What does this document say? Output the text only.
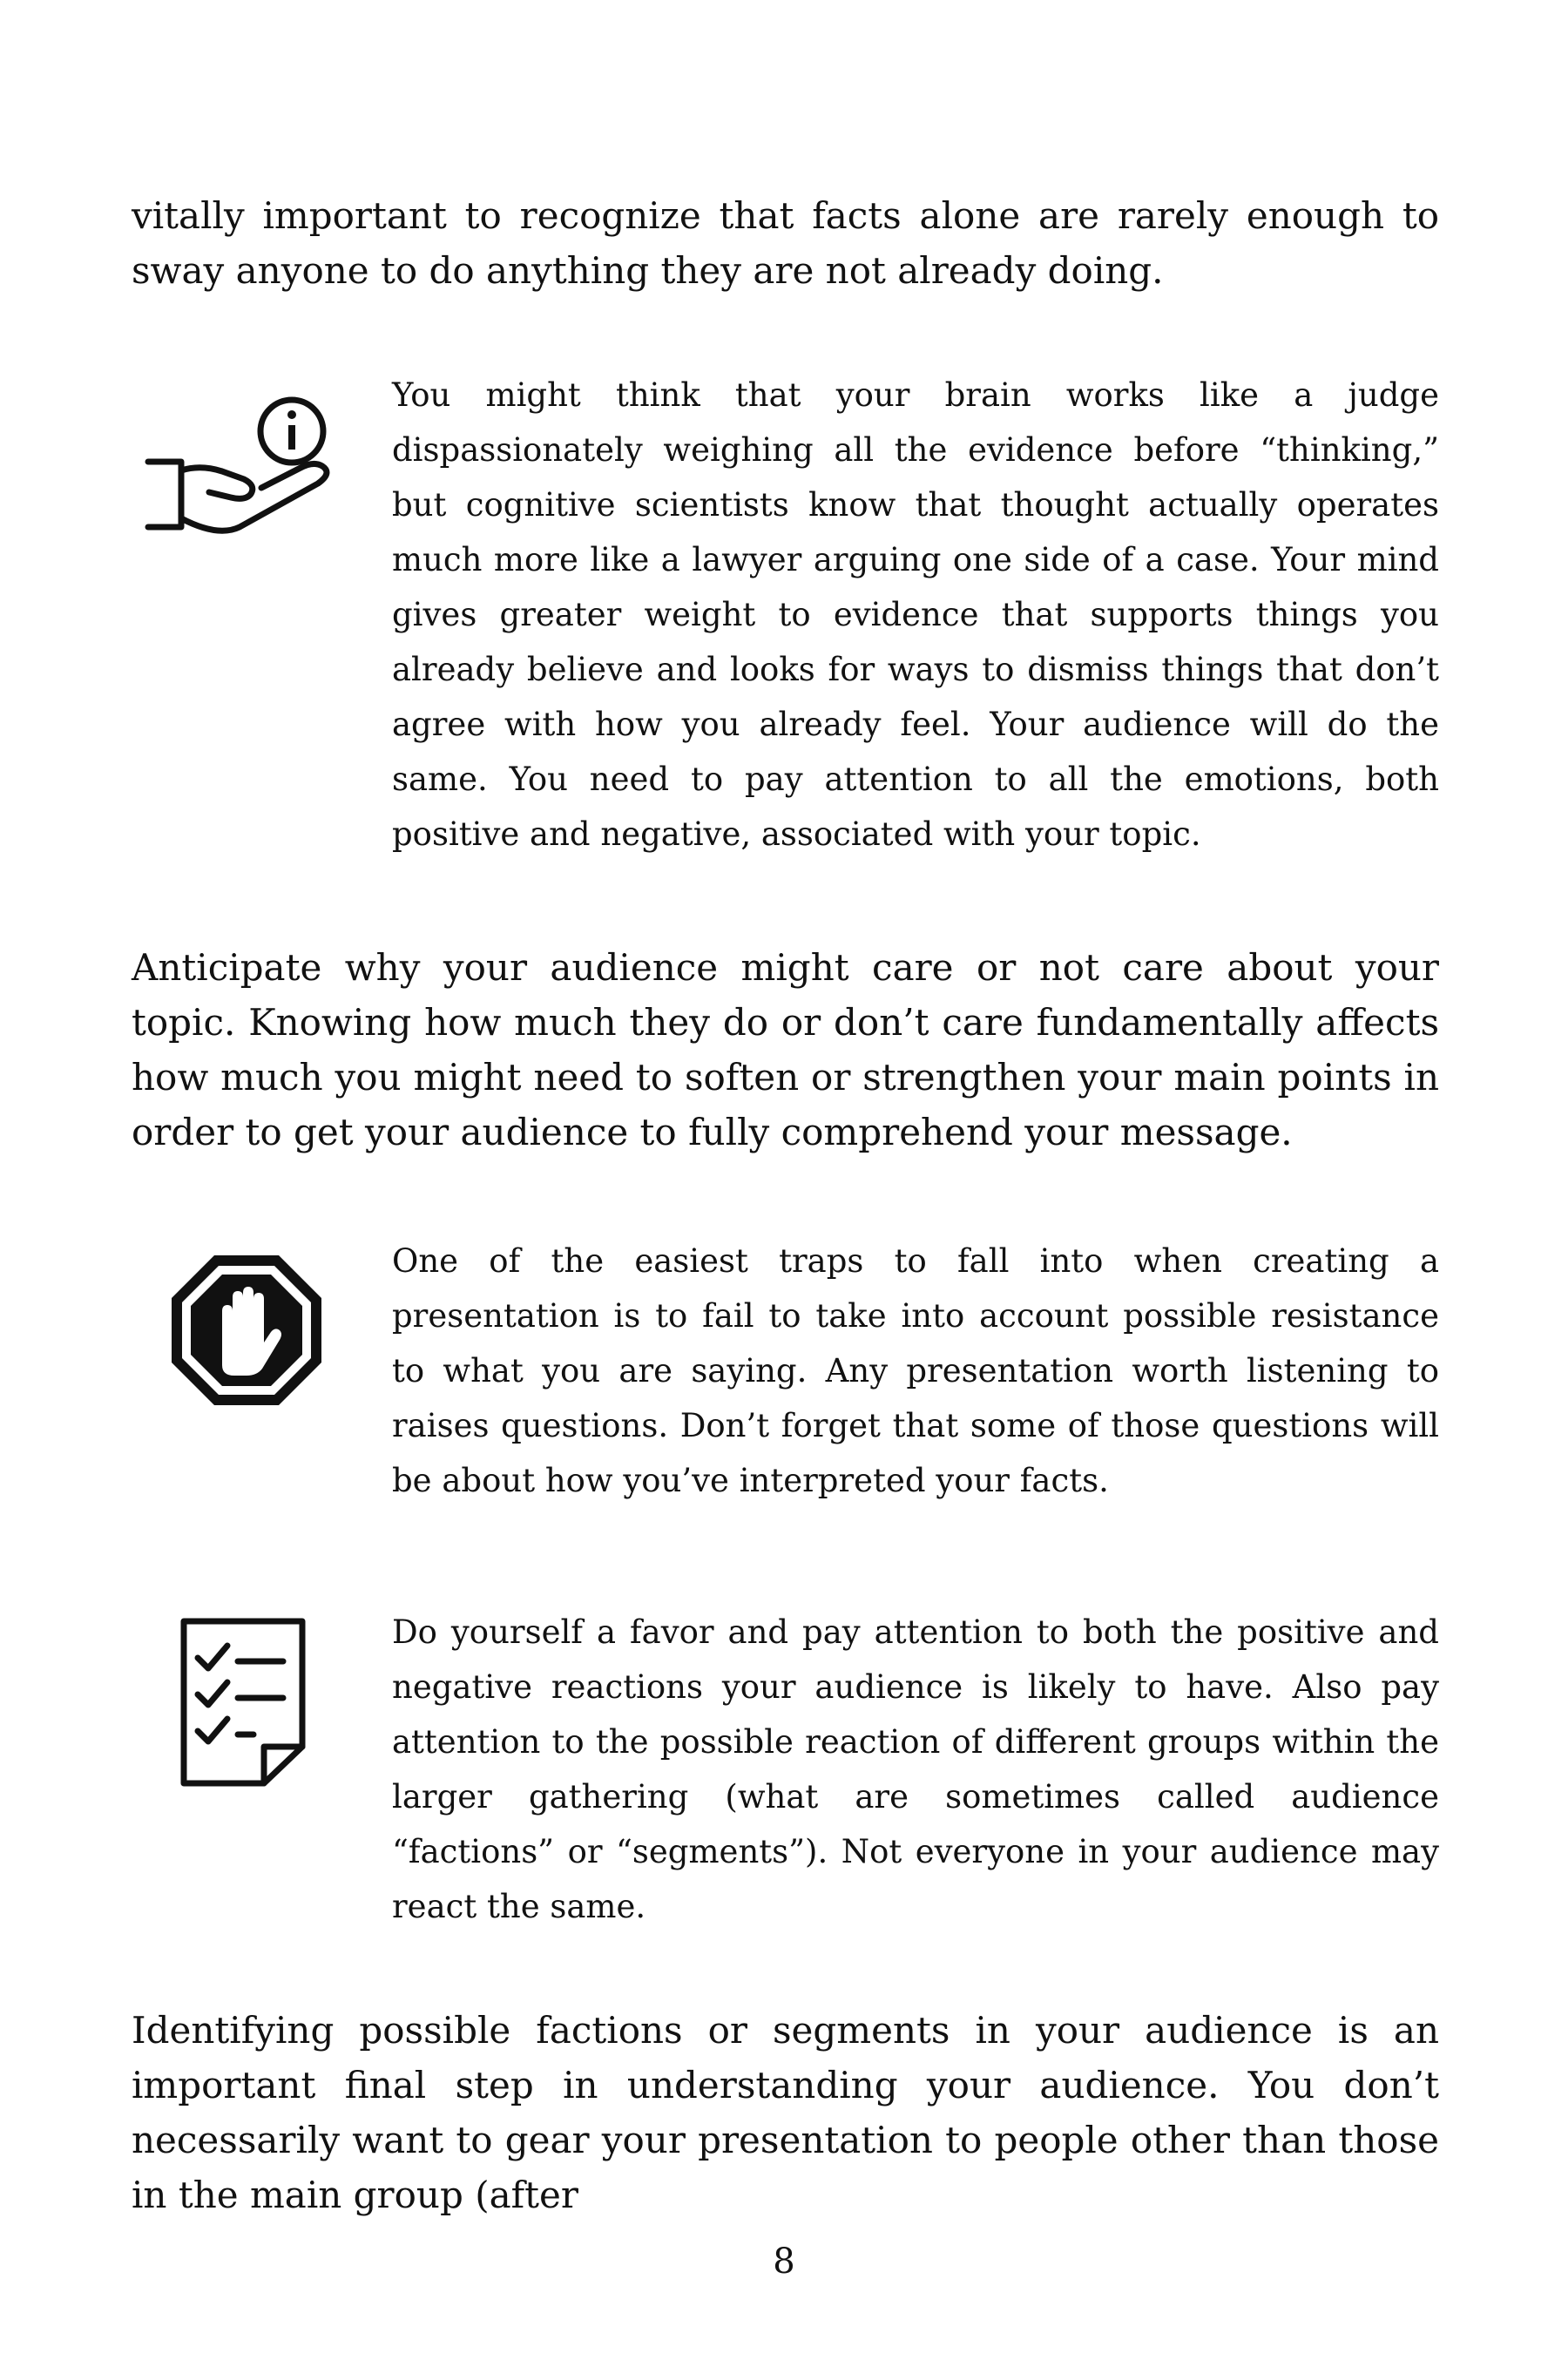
vitally important to recognize that facts alone are rarely enough to sway anyone to do anything they are not already doing.

You might think that your brain works like a judge dispassionately weighing all the evidence before “thinking,” but cognitive scientists know that thought actually operates much more like a lawyer arguing one side of a case. Your mind gives greater weight to evidence that supports things you already believe and looks for ways to dismiss things that don’t agree with how you already feel. Your audience will do the same. You need to pay attention to all the emotions, both positive and negative, associated with your topic.

Anticipate why your audience might care or not care about your topic. Knowing how much they do or don’t care fundamentally affects how much you might need to soften or strengthen your main points in order to get your audience to fully comprehend your message.

One of the easiest traps to fall into when creating a presentation is to fail to take into account possible resistance to what you are saying. Any presentation worth listening to raises questions. Don’t forget that some of those questions will be about how you’ve interpreted your facts.

Do yourself a favor and pay attention to both the positive and negative reactions your audience is likely to have. Also pay attention to the possible reaction of different groups within the larger gathering (what are sometimes called audience “factions” or “segments”). Not everyone in your audience may react the same.

Identifying possible factions or segments in your audience is an important final step in understanding your audience. You don’t necessarily want to gear your presentation to people other than those in the main group (after

8
